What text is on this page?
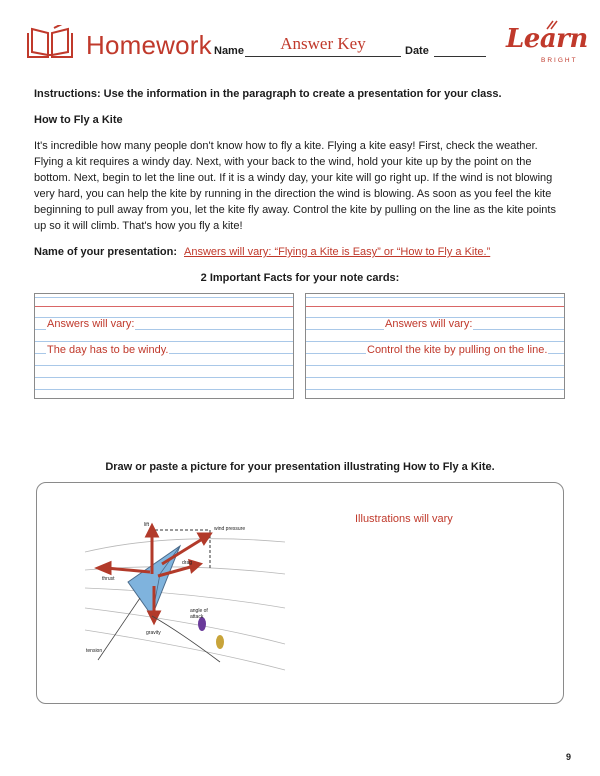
Homework Name	Answer Key	Date	Learn
BRIGHT
Instructions: Use the information in the paragraph to create a presentation for your class.
How to Fly a Kite
It's incredible how many people don't know how to fly a kite. Flying a kite easy! First, check the weather. Flying a kit requires a windy day. Next, with your back to the wind, hold your kite up by the point on the bottom. Next, begin to let the line out. If it is a windy day, your kite will go right up. If the wind is not blowing very hard, you can help the kite by running in the direction the wind is blowing. As soon as you feel the kite beginning to pull away from you, let the kite fly away. Control the kite by pulling on the line as the kite points up so it will climb. That's how you fly a kite!
Name of your presentation: Answers will vary: “Flying a Kite is Easy” or “How to Fly a Kite.”
2 Important Facts for your note cards:
Answers will vary:
The day has to be windy.
Answers will vary:
Control the kite by pulling on the line.
Draw or paste a picture for your presentation illustrating How to Fly a Kite.
Illustrations will vary
lift
wind pressure
drag
thrust
angle of
attack
gravity
tension
9
